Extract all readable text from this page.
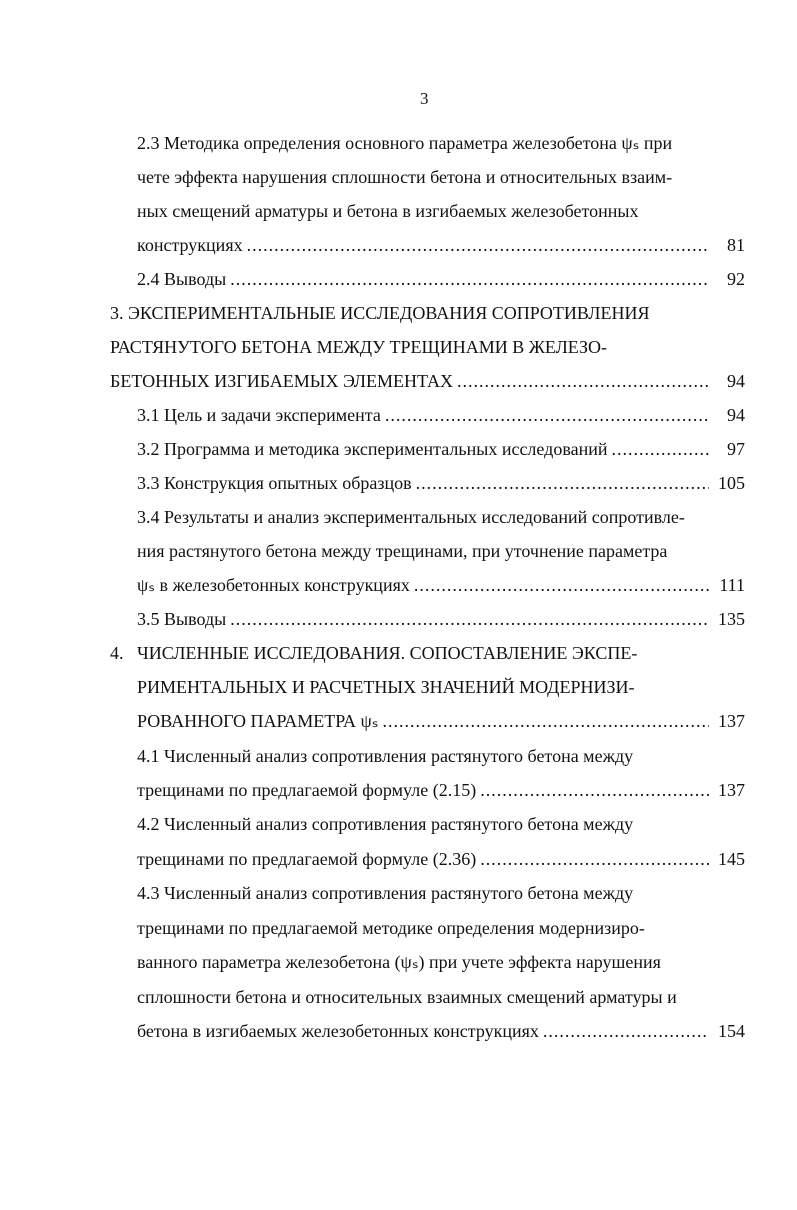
3
2.3 Методика определения основного параметра железобетона ψₛ при
чете эффекта нарушения сплошности бетона и относительных взаим-
ных смещений арматуры и бетона в изгибаемых железобетонных
конструкциях .....	81
2.4 Выводы .....	92
3. ЭКСПЕРИМЕНТАЛЬНЫЕ ИССЛЕДОВАНИЯ СОПРОТИВЛЕНИЯ
РАСТЯНУТОГО БЕТОНА МЕЖДУ ТРЕЩИНАМИ В ЖЕЛЕЗО-
БЕТОННЫХ ИЗГИБАЕМЫХ ЭЛЕМЕНТАХ .....	94
3.1 Цель и задачи эксперимента .....	94
3.2 Программа и методика экспериментальных исследований .....	97
3.3 Конструкция опытных образцов .....	105
3.4 Результаты и анализ экспериментальных исследований сопротивле-
ния растянутого бетона между трещинами, при уточнение параметра
ψₛ в железобетонных конструкциях .....	111
3.5 Выводы .....	135
4. ЧИСЛЕННЫЕ ИССЛЕДОВАНИЯ. СОПОСТАВЛЕНИЕ ЭКСПЕ-
РИМЕНТАЛЬНЫХ И РАСЧЕТНЫХ ЗНАЧЕНИЙ МОДЕРНИЗИ-
РОВАННОГО ПАРАМЕТРА ψₛ .....	137
4.1 Численный анализ сопротивления растянутого бетона между
трещинами по предлагаемой формуле (2.15) .....	137
4.2 Численный анализ сопротивления растянутого бетона между
трещинами по предлагаемой формуле (2.36) .....	145
4.3 Численный анализ сопротивления растянутого бетона между
трещинами по предлагаемой методике определения модернизиро-
ванного параметра железобетона (ψₛ) при учете эффекта нарушения
сплошности бетона и относительных взаимных смещений арматуры и
бетона в изгибаемых железобетонных конструкциях .....	154
